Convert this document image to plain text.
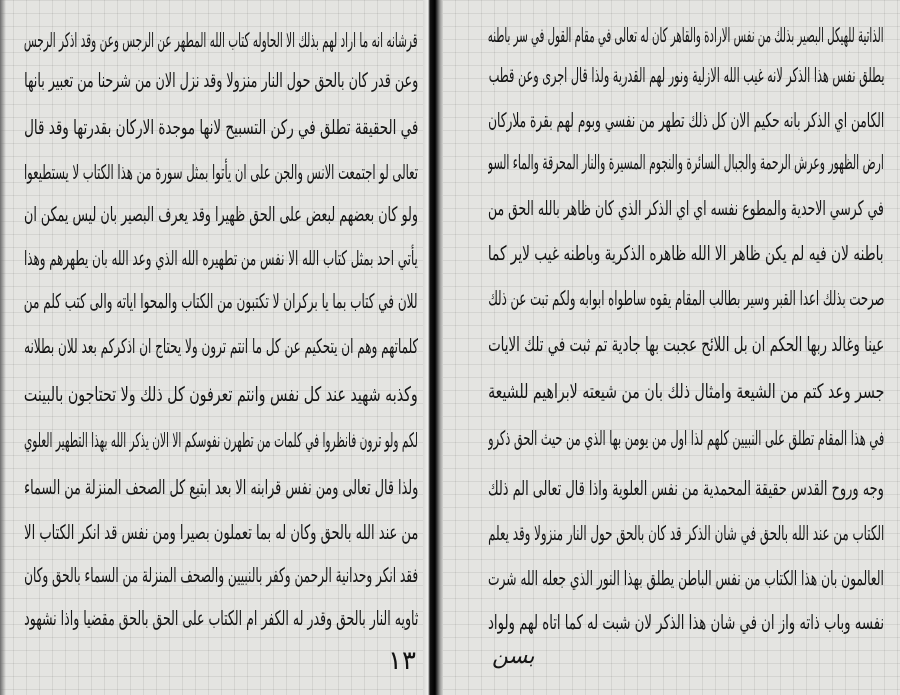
قرشانه انه ما اراد لهم بذلك الا الحاوله كتاب الله المطهر عن الرجس وعن وقد اذكر الرجس
وعن قدر كان بالحق حول النار منزولا وقد نزل الان من شرحنا من تعبير بانها
في الحقيقة تطلق في ركن التسبيح لانها موجدة الاركان بقدرتها وقد قال
تعالى لو اجتمعت الانس والجن على ان يأتوا بمثل سورة من هذا الكتاب لا يستطيعوا
ولو كان بعضهم لبعض على الحق ظهيرا وقد يعرف البصير بان ليس يمكن ان
يأتي احد بمثل كتاب الله الا نفس من تطهيره الله الذي وعد الله بان يطهرهم وهذا
للان في كتاب بما يا بركران لا تكتبون من الكتاب والمحوا اياته والى كتب كلم من
كلماتهم وهم ان يتحكيم عن كل ما انتم ترون ولا يحتاج ان اذكركم بعد للان بطلانه
وكذبه شهيد عند كل نفس وانتم تعرفون كل ذلك ولا تحتاجون بالبينت
لكم ولو ترون فانظروا في كلمات من تطهرن نفوسكم الا الان يذكر الله بهذا التطهير العلوي
ولذا قال تعالى ومن نفس قرابنه الا بعد ابتيع كل الصحف المنزلة من السماء
من عند الله بالحق وكان له بما تعملون بصيرا ومن نفس قد انكر الكتاب الا
فقد انكر وحدانية الرحمن وكفر بالنبيين والصحف المنزلة من السماء بالحق وكان
ثاويه النار بالحق وقدر له الكفر ام الكتاب على الحق بالحق مقضيا واذا نشهود
١٣
الذاتية للهيكل البصير بذلك من نفس الارادة والقاهر كان له تعالى في مقام القول في سر باطنه
يطلق نفس هذا الذكر لانه غيب الله الازلية ونور لهم القدرية ولذا قال اجرى وعن قطب
الكامن اي الذكر بانه حكيم الان كل ذلك تطهر من نفسي وبوم لهم بقرة ملاركان
ارض الظهور وعرش الرحمة والجبال السائرة والنجوم المسيرة والنار المحرقة والماء السو
في كرسي الاحدية والمطوع نفسه اي اي الذكر الذي كان ظاهر بالله الحق من
باطنه لان فيه لم يكن ظاهر الا الله ظاهره الذكرية وباطنه غيب لاير كما
صرحت بذلك اعدا القبر وسير بطالب المقام يقوه ساطواه ابوابه ولكم تبت عن ذلك
عينا وغالد ربها الحكم ان بل اللائح عجبت بها جادية تم ثبت في تلك الايات
جسر وعد كتم من الشيعة وامثال ذلك بان من شيعته لابراهيم للشيعة
في هذا المقام تطلق على النبيين كلهم لذا اول من يومن بها الذي من حيث الحق ذكرو
وجه وروح القدس حقيقة المحمدية من نفس العلوية واذا قال تعالى الم ذلك
الكتاب من عند الله بالحق في شان الذكر قد كان بالحق حول النار منزولا وقد يعلم
العالمون بان هذا الكتاب من نفس الباطن يطلق بهذا النور الذي جعله الله شرت
نفسه وباب ذاته واز ان في شان هذا الذكر لان شبت له كما اتاه لهم ولواد
بسن
